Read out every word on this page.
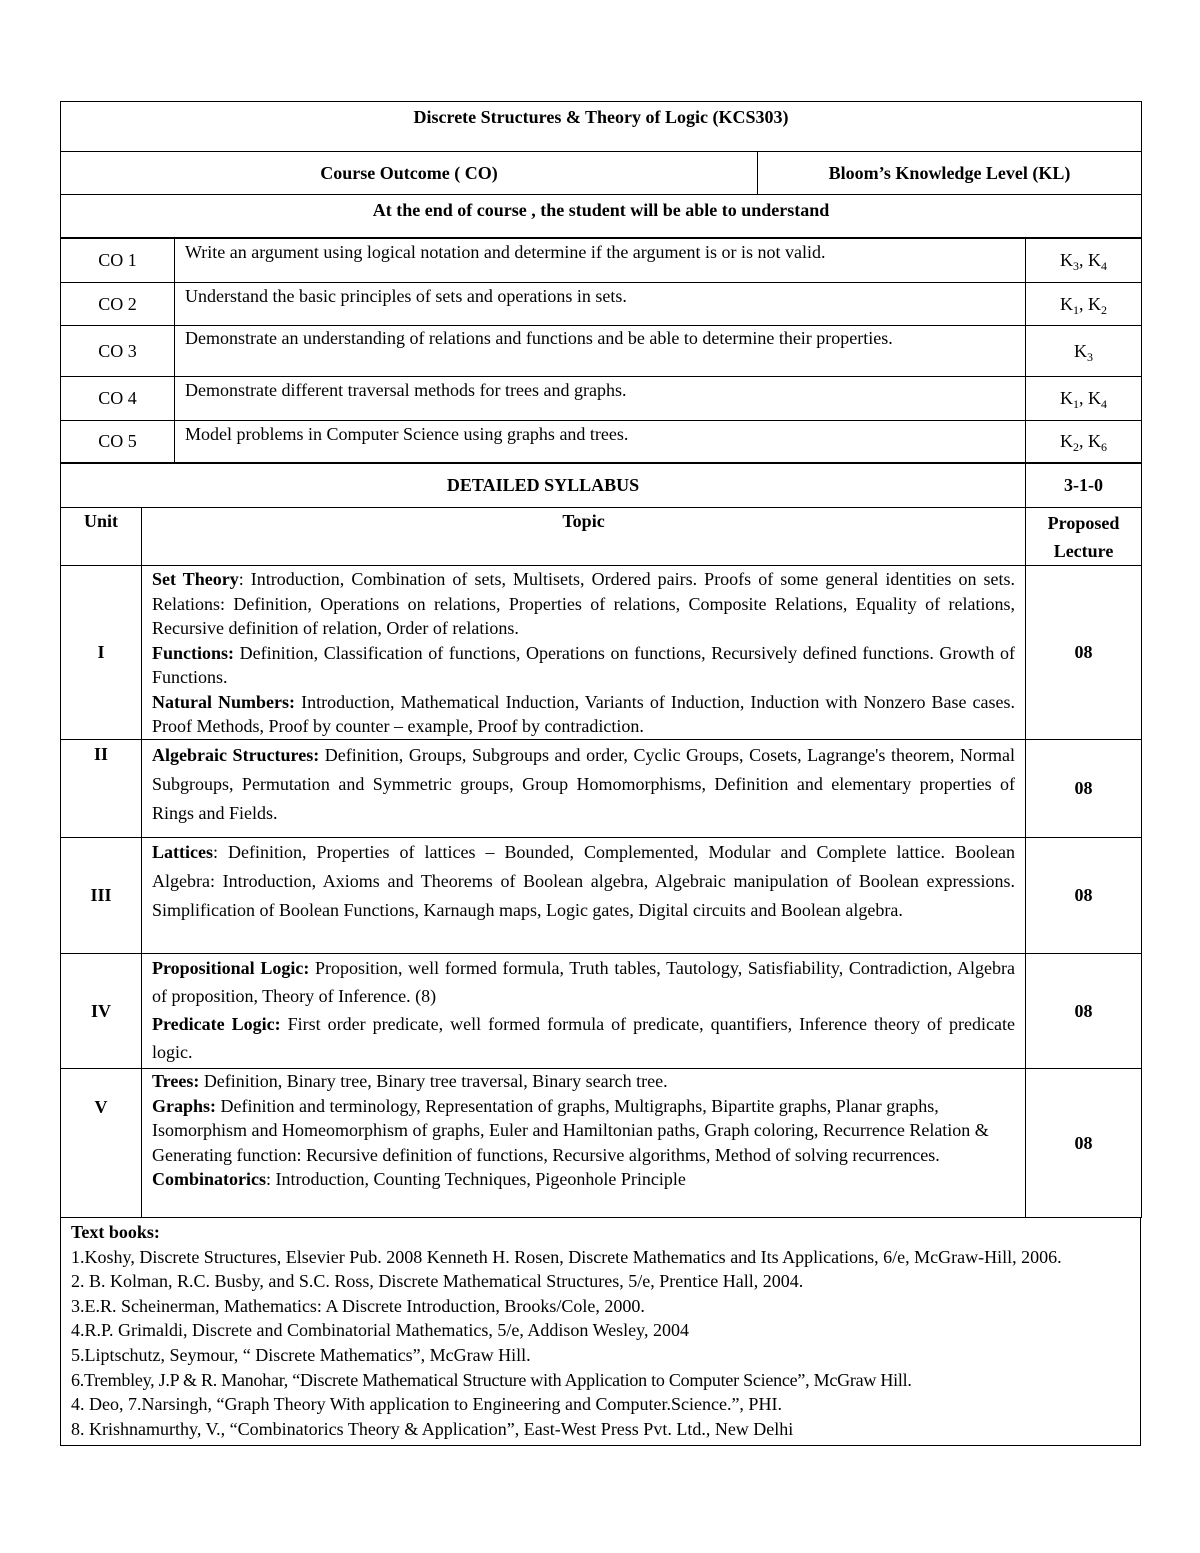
Discrete Structures & Theory of Logic (KCS303)
Course Outcome ( CO)	Bloom’s Knowledge Level (KL)
At the end of course , the student will be able to understand
CO 1	Write an argument using logical notation and determine if the argument is or is not valid.	$K_3$, $K_4$
CO 2	Understand the basic principles of sets and operations in sets.	$K_1$, $K_2$
CO 3	Demonstrate an understanding of relations and functions and be able to determine their properties.	$K_3$
CO 4	Demonstrate different traversal methods for trees and graphs.	$K_1$, $K_4$
CO 5	Model problems in Computer Science using graphs and trees.	$K_2$, $K_6$
DETAILED SYLLABUS		3-1-0
Unit	Topic	Proposed
Lecture
I	Set Theory: Introduction, Combination of sets, Multisets, Ordered pairs. Proofs of some general identities on sets. Relations: Definition, Operations on relations, Properties of relations, Composite Relations, Equality of relations, Recursive definition of relation, Order of relations.

Functions: Definition, Classification of functions, Operations on functions, Recursively defined functions. Growth of Functions.

Natural Numbers: Introduction, Mathematical Induction, Variants of Induction, Induction with Nonzero Base cases. Proof Methods, Proof by counter – example, Proof by contradiction.	08
II	Algebraic Structures: Definition, Groups, Subgroups and order, Cyclic Groups, Cosets, Lagrange's theorem, Normal Subgroups, Permutation and Symmetric groups, Group Homomorphisms, Definition and elementary properties of Rings and Fields.	08
III	Lattices: Definition, Properties of lattices – Bounded, Complemented, Modular and Complete lattice. Boolean Algebra: Introduction, Axioms and Theorems of Boolean algebra, Algebraic manipulation of Boolean expressions. Simplification of Boolean Functions, Karnaugh maps, Logic gates, Digital circuits and Boolean algebra.	08
IV	Propositional Logic: Proposition, well formed formula, Truth tables, Tautology, Satisfiability, Contradiction, Algebra of proposition, Theory of Inference. (8)

Predicate Logic: First order predicate, well formed formula of predicate, quantifiers, Inference theory of predicate logic.	08
V	Trees: Definition, Binary tree, Binary tree traversal, Binary search tree.

Graphs: Definition and terminology, Representation of graphs, Multigraphs, Bipartite graphs, Planar graphs, Isomorphism and Homeomorphism of graphs, Euler and Hamiltonian paths, Graph coloring, Recurrence Relation & Generating function: Recursive definition of functions, Recursive algorithms, Method of solving recurrences.

Combinatorics: Introduction, Counting Techniques, Pigeonhole Principle	08

Text books:

1.Koshy, Discrete Structures, Elsevier Pub. 2008 Kenneth H. Rosen, Discrete Mathematics and Its Applications, 6/e, McGraw-Hill, 2006.

2. B. Kolman, R.C. Busby, and S.C. Ross, Discrete Mathematical Structures, 5/e, Prentice Hall, 2004.

3.E.R. Scheinerman, Mathematics: A Discrete Introduction, Brooks/Cole, 2000.

4.R.P. Grimaldi, Discrete and Combinatorial Mathematics, 5/e, Addison Wesley, 2004

5.Liptschutz, Seymour, “ Discrete Mathematics”, McGraw Hill.

6.Trembley, J.P & R. Manohar, “Discrete Mathematical Structure with Application to Computer Science”, McGraw Hill.

4. Deo, 7.Narsingh, “Graph Theory With application to Engineering and Computer.Science.”, PHI.

8. Krishnamurthy, V., “Combinatorics Theory & Application”, East-West Press Pvt. Ltd., New Delhi
